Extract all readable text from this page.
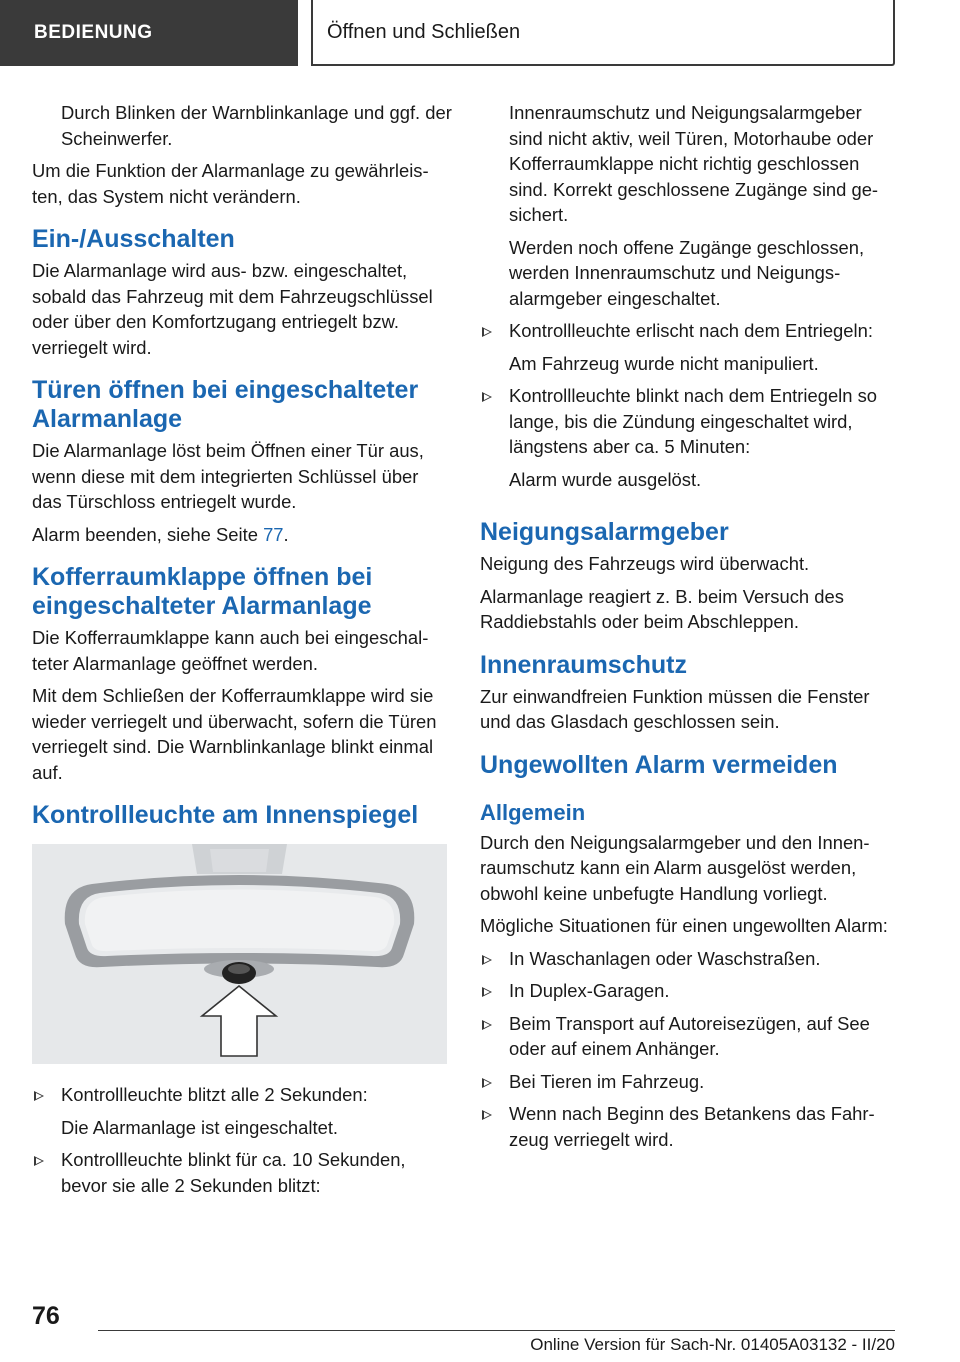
BEDIENUNG	Öffnen und Schließen

Durch Blinken der Warnblinkanlage und ggf. der Scheinwerfer.

Um die Funktion der Alarmanlage zu gewährleis-ten, das System nicht verändern.

Ein-/Ausschalten

Die Alarmanlage wird aus- bzw. eingeschaltet, sobald das Fahrzeug mit dem Fahrzeugschlüssel oder über den Komfortzugang entriegelt bzw. verriegelt wird.

Türen öffnen bei eingeschalteter Alarmanlage

Die Alarmanlage löst beim Öffnen einer Tür aus, wenn diese mit dem integrierten Schlüssel über das Türschloss entriegelt wurde.

Alarm beenden, siehe Seite 77.

Kofferraumklappe öffnen bei eingeschalteter Alarmanlage

Die Kofferraumklappe kann auch bei eingeschal-teter Alarmanlage geöffnet werden.

Mit dem Schließen der Kofferraumklappe wird sie wieder verriegelt und überwacht, sofern die Türen verriegelt sind. Die Warnblinkanlage blinkt einmal auf.

Kontrollleuchte am Innenspiegel
Kontrollleuchte blitzt alle 2 Sekunden:

Die Alarmanlage ist eingeschaltet.

Kontrollleuchte blinkt für ca. 10 Sekunden, bevor sie alle 2 Sekunden blitzt:

Innenraumschutz und Neigungsalarmgeber sind nicht aktiv, weil Türen, Motorhaube oder Kofferraumklappe nicht richtig geschlossen sind. Korrekt geschlossene Zugänge sind ge-sichert.

Werden noch offene Zugänge geschlossen, werden Innenraumschutz und Neigungs-alarmgeber eingeschaltet.

Kontrollleuchte erlischt nach dem Entriegeln:

Am Fahrzeug wurde nicht manipuliert.

Kontrollleuchte blinkt nach dem Entriegeln so lange, bis die Zündung eingeschaltet wird, längstens aber ca. 5 Minuten:

Alarm wurde ausgelöst.

Neigungsalarmgeber

Neigung des Fahrzeugs wird überwacht.

Alarmanlage reagiert z. B. beim Versuch des Raddiebstahls oder beim Abschleppen.

Innenraumschutz

Zur einwandfreien Funktion müssen die Fenster und das Glasdach geschlossen sein.

Ungewollten Alarm vermeiden
Allgemein

Durch den Neigungsalarmgeber und den Innen-raumschutz kann ein Alarm ausgelöst werden, obwohl keine unbefugte Handlung vorliegt.

Mögliche Situationen für einen ungewollten Alarm:

In Waschanlagen oder Waschstraßen.
In Duplex-Garagen.
Beim Transport auf Autoreisezügen, auf See oder auf einem Anhänger.
Bei Tieren im Fahrzeug.
Wenn nach Beginn des Betankens das Fahr-zeug verriegelt wird.
76
Online Version für Sach-Nr. 01405A03132 - II/20
